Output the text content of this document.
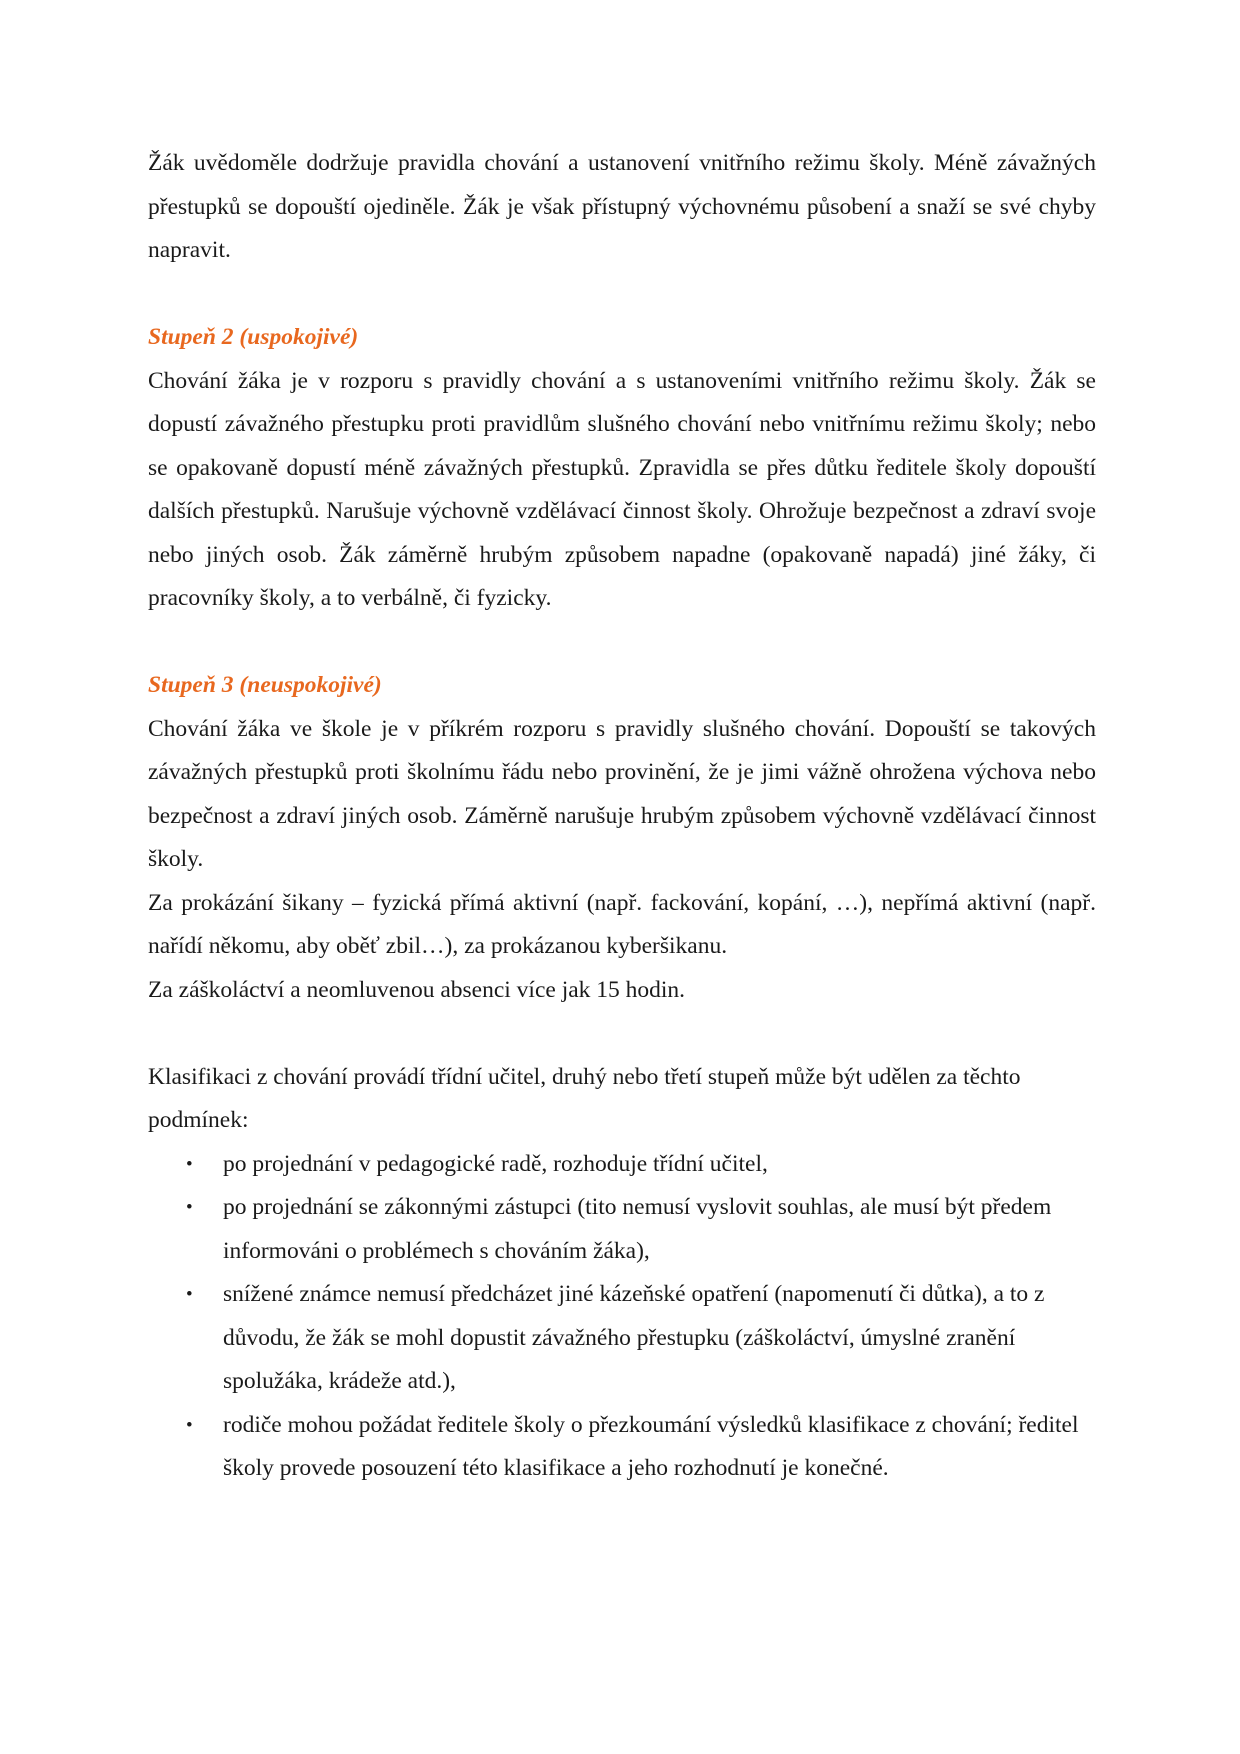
Žák uvědoměle dodržuje pravidla chování a ustanovení vnitřního režimu školy. Méně závažných přestupků se dopouští ojediněle. Žák je však přístupný výchovnému působení a snaží se své chyby napravit.

Stupeň 2 (uspokojivé)

Chování žáka je v rozporu s pravidly chování a s ustanoveními vnitřního režimu školy. Žák se dopustí závažného přestupku proti pravidlům slušného chování nebo vnitřnímu režimu školy; nebo se opakovaně dopustí méně závažných přestupků. Zpravidla se přes důtku ředitele školy dopouští dalších přestupků. Narušuje výchovně vzdělávací činnost školy. Ohrožuje bezpečnost a zdraví svoje nebo jiných osob. Žák záměrně hrubým způsobem napadne (opakovaně napadá) jiné žáky, či pracovníky školy, a to verbálně, či fyzicky.

Stupeň 3 (neuspokojivé)

Chování žáka ve škole je v příkrém rozporu s pravidly slušného chování. Dopouští se takových závažných přestupků proti školnímu řádu nebo provinění, že je jimi vážně ohrožena výchova nebo bezpečnost a zdraví jiných osob. Záměrně narušuje hrubým způsobem výchovně vzdělávací činnost školy.

Za prokázání šikany – fyzická přímá aktivní (např. fackování, kopání, …), nepřímá aktivní (např. nařídí někomu, aby oběť zbil…), za prokázanou kyberšikanu.

Za záškoláctví a neomluvenou absenci více jak 15 hodin.

Klasifikaci z chování provádí třídní učitel, druhý nebo třetí stupeň může být udělen za těchto podmínek:

• po projednání v pedagogické radě, rozhoduje třídní učitel,
• po projednání se zákonnými zástupci (tito nemusí vyslovit souhlas, ale musí být předem informováni o problémech s chováním žáka),
• snížené známce nemusí předcházet jiné kázeňské opatření (napomenutí či důtka), a to z důvodu, že žák se mohl dopustit závažného přestupku (záškoláctví, úmyslné zranění spolužáka, krádeže atd.),
• rodiče mohou požádat ředitele školy o přezkoumání výsledků klasifikace z chování; ředitel školy provede posouzení této klasifikace a jeho rozhodnutí je konečné.
